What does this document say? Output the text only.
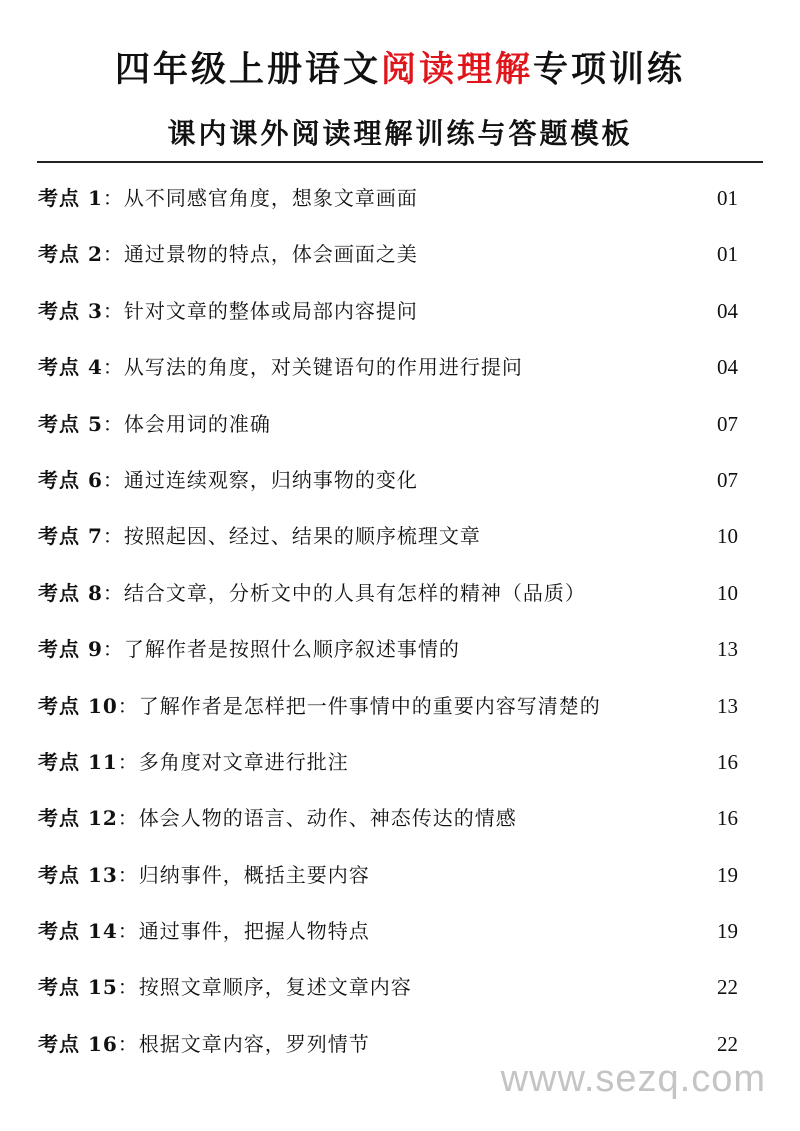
四年级上册语文阅读理解专项训练
课内课外阅读理解训练与答题模板
考点 1：从不同感官角度，想象文章画面	01
考点 2：通过景物的特点，体会画面之美	01
考点 3：针对文章的整体或局部内容提问	04
考点 4：从写法的角度，对关键语句的作用进行提问	04
考点 5：体会用词的准确	07
考点 6：通过连续观察，归纳事物的变化	07
考点 7：按照起因、经过、结果的顺序梳理文章	10
考点 8：结合文章，分析文中的人具有怎样的精神（品质）	10
考点 9：了解作者是按照什么顺序叙述事情的	13
考点 10：了解作者是怎样把一件事情中的重要内容写清楚的	13
考点 11：多角度对文章进行批注	16
考点 12：体会人物的语言、动作、神态传达的情感	16
考点 13：归纳事件，概括主要内容	19
考点 14：通过事件，把握人物特点	19
考点 15：按照文章顺序，复述文章内容	22
考点 16：根据文章内容，罗列情节	22
www.sezq.com
